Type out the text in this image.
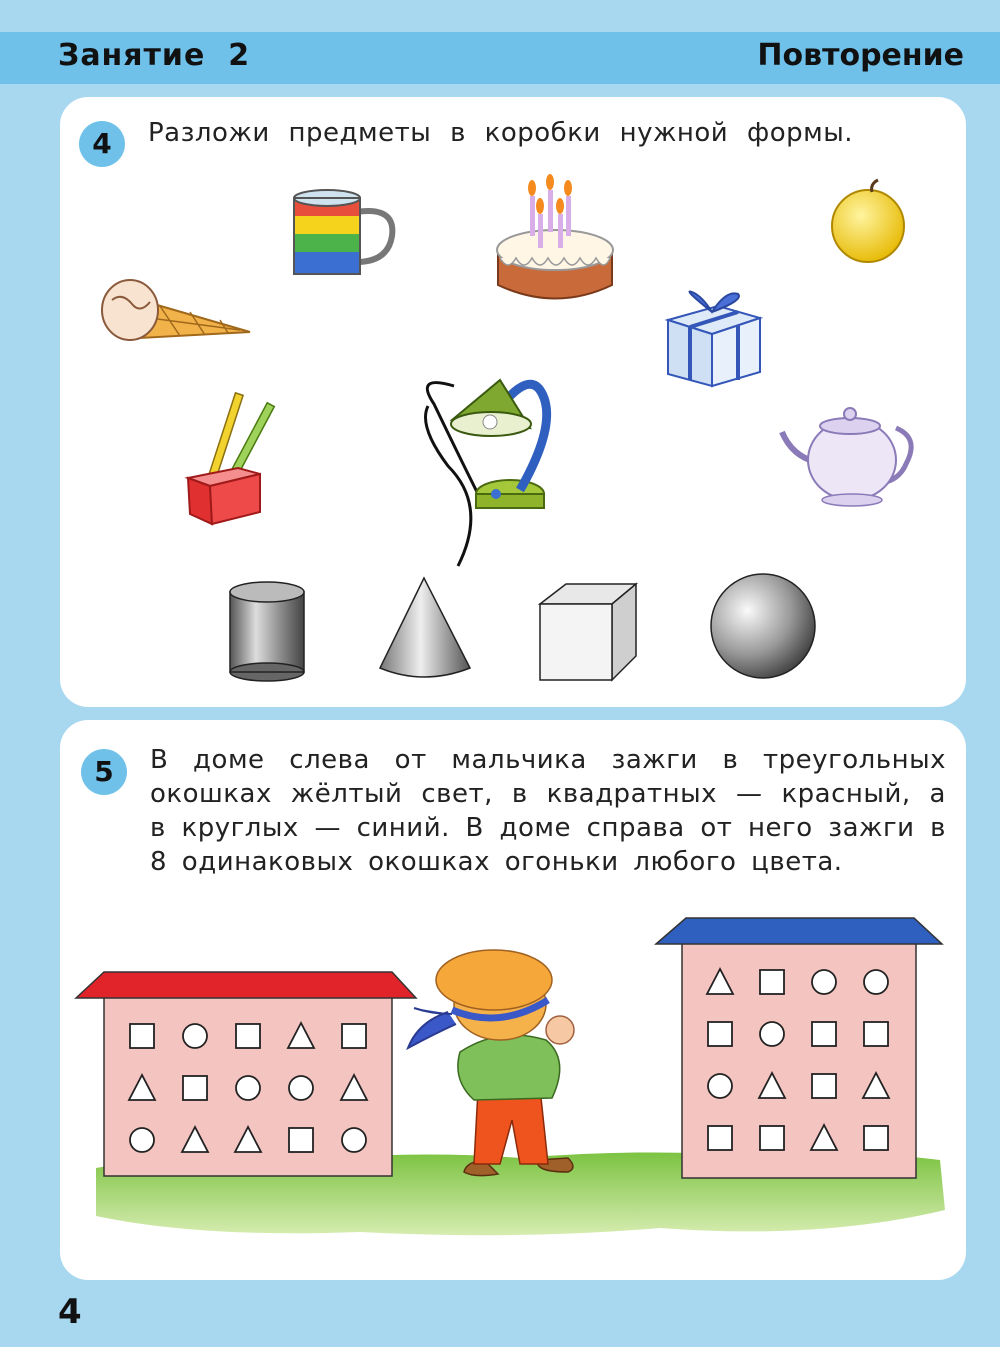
Занятие  2	Повторение
4	Разложи предметы в коробки нужной формы.
5	В доме слева от мальчика зажги в треугольных окошках жёлтый свет, в квадратных — красный, а в круглых — синий. В доме справа от него зажги в 8 одинаковых окошках огоньки любого цвета.
4
